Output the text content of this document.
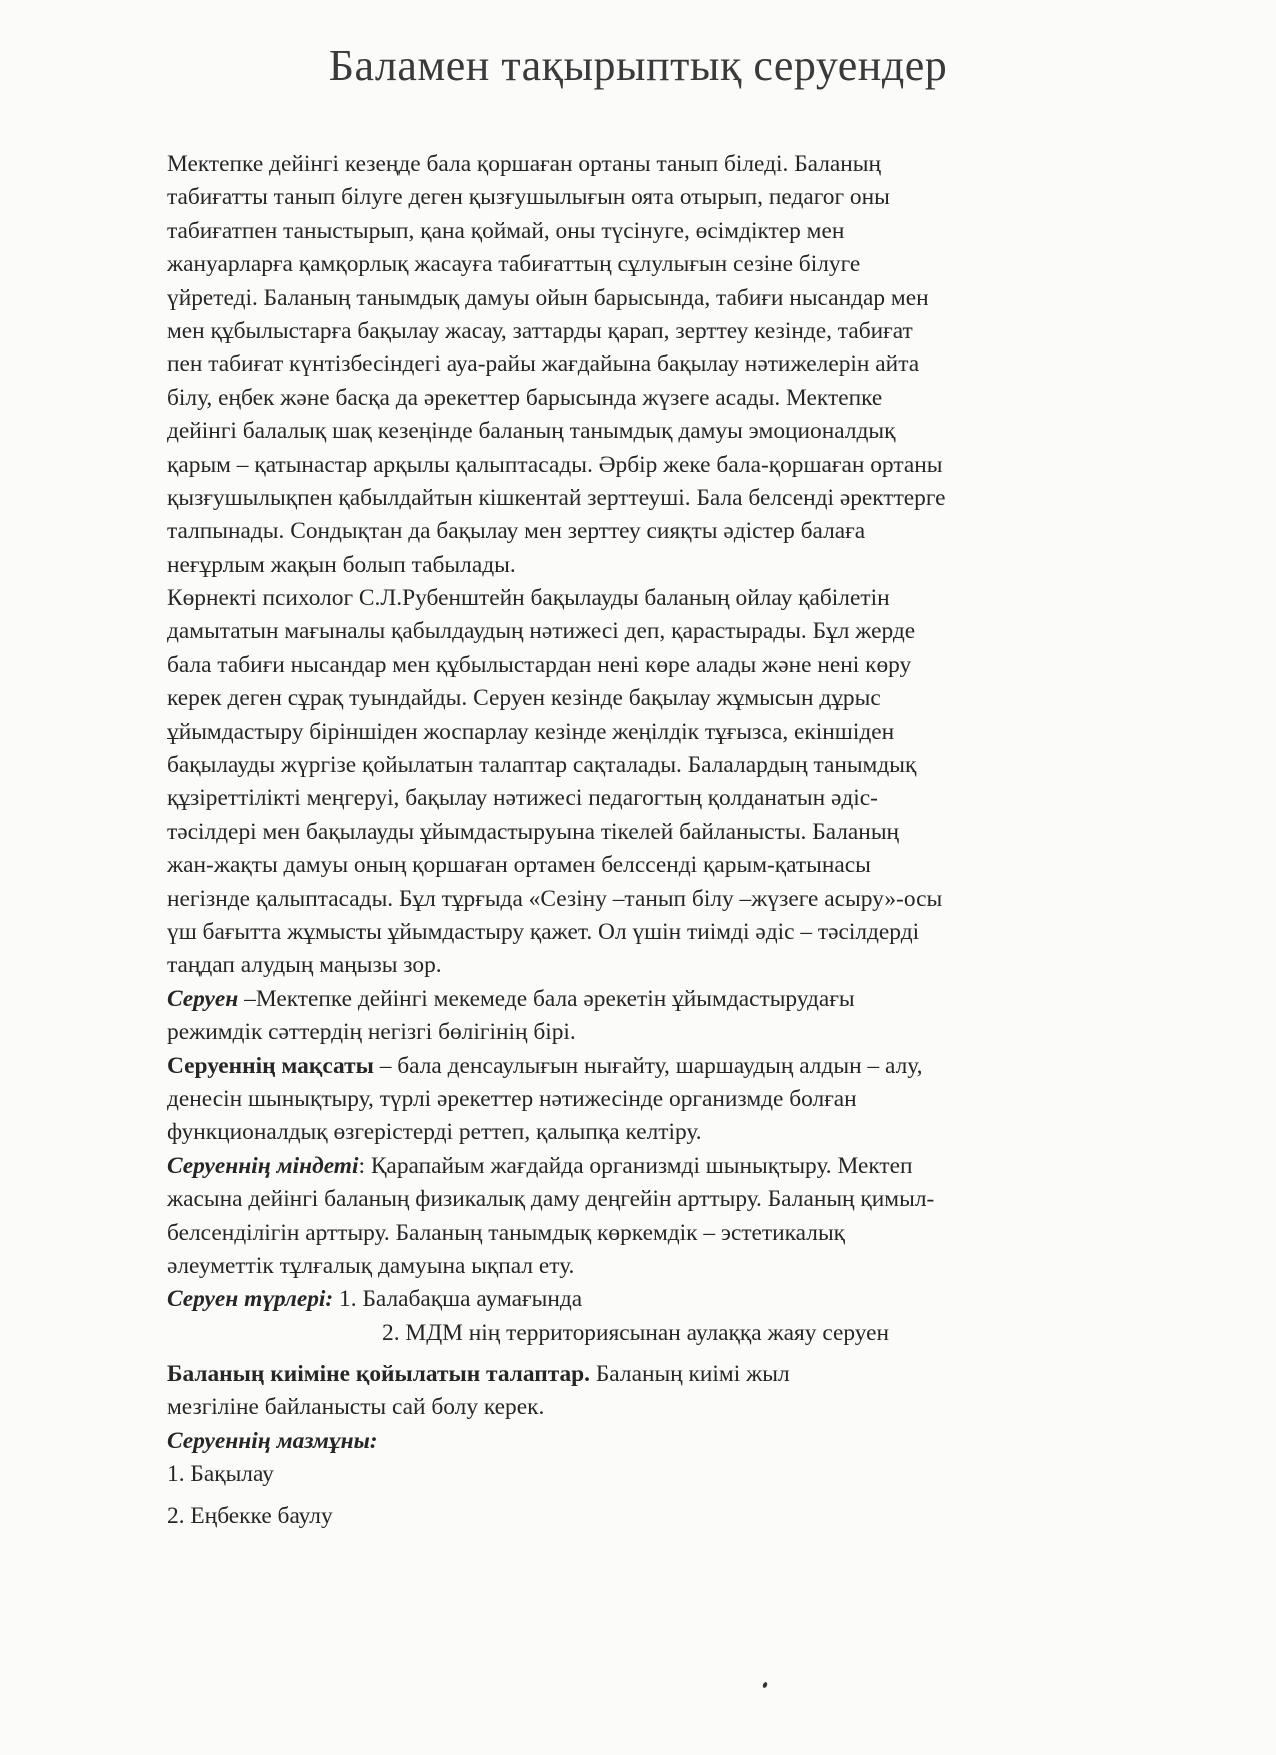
Баламен тақырыптық серуендер
Мектепке дейінгі кезеңде бала қоршаған ортаны танып біледі. Баланың
табиғатты танып білуге деген қызғушылығын оята отырып, педагог оны
табиғатпен таныстырып, қана қоймай, оны түсінуге, өсімдіктер мен
жануарларға қамқорлық жасауға табиғаттың сұлулығын сезіне білуге
үйретеді. Баланың танымдық дамуы ойын барысында, табиғи нысандар мен
мен құбылыстарға бақылау жасау, заттарды қарап, зерттеу кезінде, табиғат
пен табиғат күнтізбесіндегі ауа-райы жағдайына бақылау нәтижелерін айта
білу, еңбек және басқа да әрекеттер барысында жүзеге асады. Мектепке
дейінгі балалық шақ кезеңінде баланың танымдық дамуы эмоционалдық
қарым – қатынастар арқылы қалыптасады. Әрбір жеке бала-қоршаған ортаны
қызғушылықпен қабылдайтын кішкентай зерттеуші. Бала белсенді әректтерге
талпынады. Сондықтан да бақылау мен зерттеу сияқты әдістер балаға
неғұрлым жақын болып табылады.
Көрнекті психолог С.Л.Рубенштейн бақылауды баланың ойлау қабілетін
дамытатын мағыналы қабылдаудың нәтижесі деп, қарастырады. Бұл жерде
бала табиғи нысандар мен құбылыстардан нені көре алады және нені көру
керек деген сұрақ туындайды. Серуен кезінде бақылау жұмысын дұрыс
ұйымдастыру біріншіден жоспарлау кезінде жеңілдік тұғызса, екіншіден
бақылауды жүргізе қойылатын талаптар сақталады. Балалардың танымдық
құзіреттілікті меңгеруі, бақылау нәтижесі педагогтың қолданатын әдіс-
тәсілдері мен бақылауды ұйымдастыруына тікелей байланысты. Баланың
жан-жақты дамуы оның қоршаған ортамен белссенді қарым-қатынасы
негізнде қалыптасады. Бұл тұрғыда «Сезіну –танып білу –жүзеге асыру»-осы
үш бағытта жұмысты ұйымдастыру қажет. Ол үшін тиімді әдіс – тәсілдерді
таңдап алудың маңызы зор.
Серуен –Мектепке дейінгі мекемеде бала әрекетін ұйымдастырудағы
режимдік сәттердің негізгі бөлігінің бірі.
Серуеннің мақсаты – бала денсаулығын нығайту, шаршаудың алдын – алу,
денесін шынықтыру, түрлі әрекеттер нәтижесінде организмде болған
функционалдық өзгерістерді реттеп, қалыпқа келтіру.
Серуеннің міндеті: Қарапайым жағдайда организмді шынықтыру. Мектеп
жасына дейінгі баланың физикалық даму деңгейін арттыру. Баланың қимыл-
белсенділігін арттыру. Баланың танымдық көркемдік – эстетикалық
әлеуметтік тұлғалық дамуына ықпал ету.
Серуен түрлері: 1. Балабақша аумағында
2. МДМ нің территориясынан аулаққа жаяу серуен
Баланың киіміне қойылатын талаптар. Баланың киімі жыл
мезгіліне байланысты сай болу керек.
Серуеннің мазмұны:
1. Бақылау
2. Еңбекке баулу
